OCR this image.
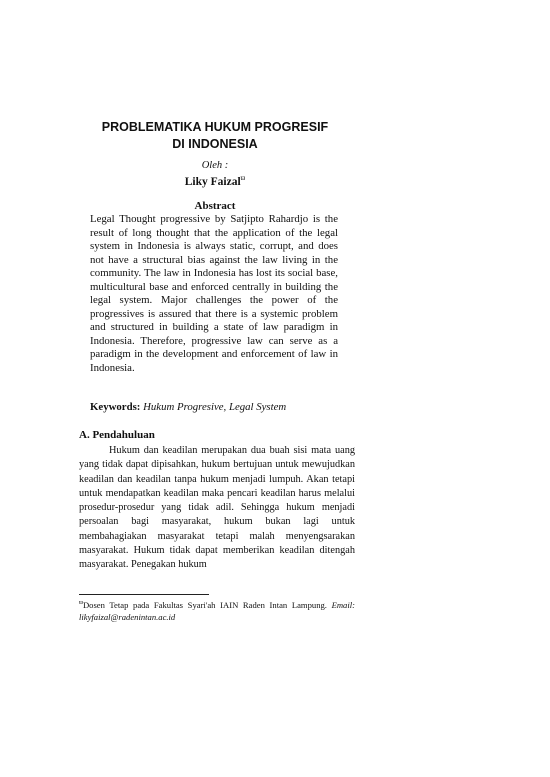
PROBLEMATIKA HUKUM PROGRESIF
DI INDONESIA
Oleh :
Liky Faizal$^ϖ$
Abstract

Legal Thought progressive by Satjipto Rahardjo is the result of long thought that the application of the legal system in Indonesia is always static, corrupt, and does not have a structural bias against the law living in the community. The law in Indonesia has lost its social base, multicultural base and enforced centrally in building the legal system. Major challenges the power of the progressives is assured that there is a systemic problem and structured in building a state of law paradigm in Indonesia. Therefore, progressive law can serve as a paradigm in the development and enforcement of law in Indonesia.

Keywords: Hukum Progresive, Legal System
A. Pendahuluan

Hukum dan keadilan merupakan dua buah sisi mata uang yang tidak dapat dipisahkan, hukum bertujuan untuk mewujudkan keadilan dan keadilan tanpa hukum menjadi lumpuh. Akan tetapi untuk mendapatkan keadilan maka pencari keadilan harus melalui prosedur-prosedur yang tidak adil. Sehingga hukum menjadi persoalan bagi masyarakat, hukum bukan lagi untuk membahagiakan masyarakat tetapi malah menyengsarakan masyarakat. Hukum tidak dapat memberikan keadilan ditengah masyarakat. Penegakan hukum

$^ϖ$Dosen Tetap pada Fakultas Syari'ah IAIN Raden Intan Lampung. Email: likyfaizal@radenintan.ac.id
